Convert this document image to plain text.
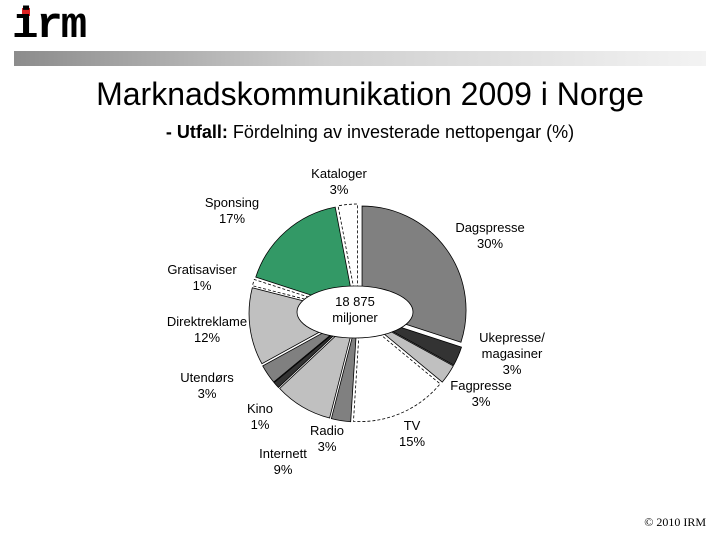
irm
Marknadskommunikation 2009 i Norge
- Utfall: Fördelning av investerade nettopengar (%)
18 875
miljoner
Dagspresse
30%
Ukepresse/ magasiner
3%
Fagpresse
3%
TV
15%
Radio
3%
Internett
9%
Kino
1%
Utendørs
3%
Direktreklame
12%
Gratisaviser
1%
Sponsing
17%
Kataloger
3%
© 2010 IRM
